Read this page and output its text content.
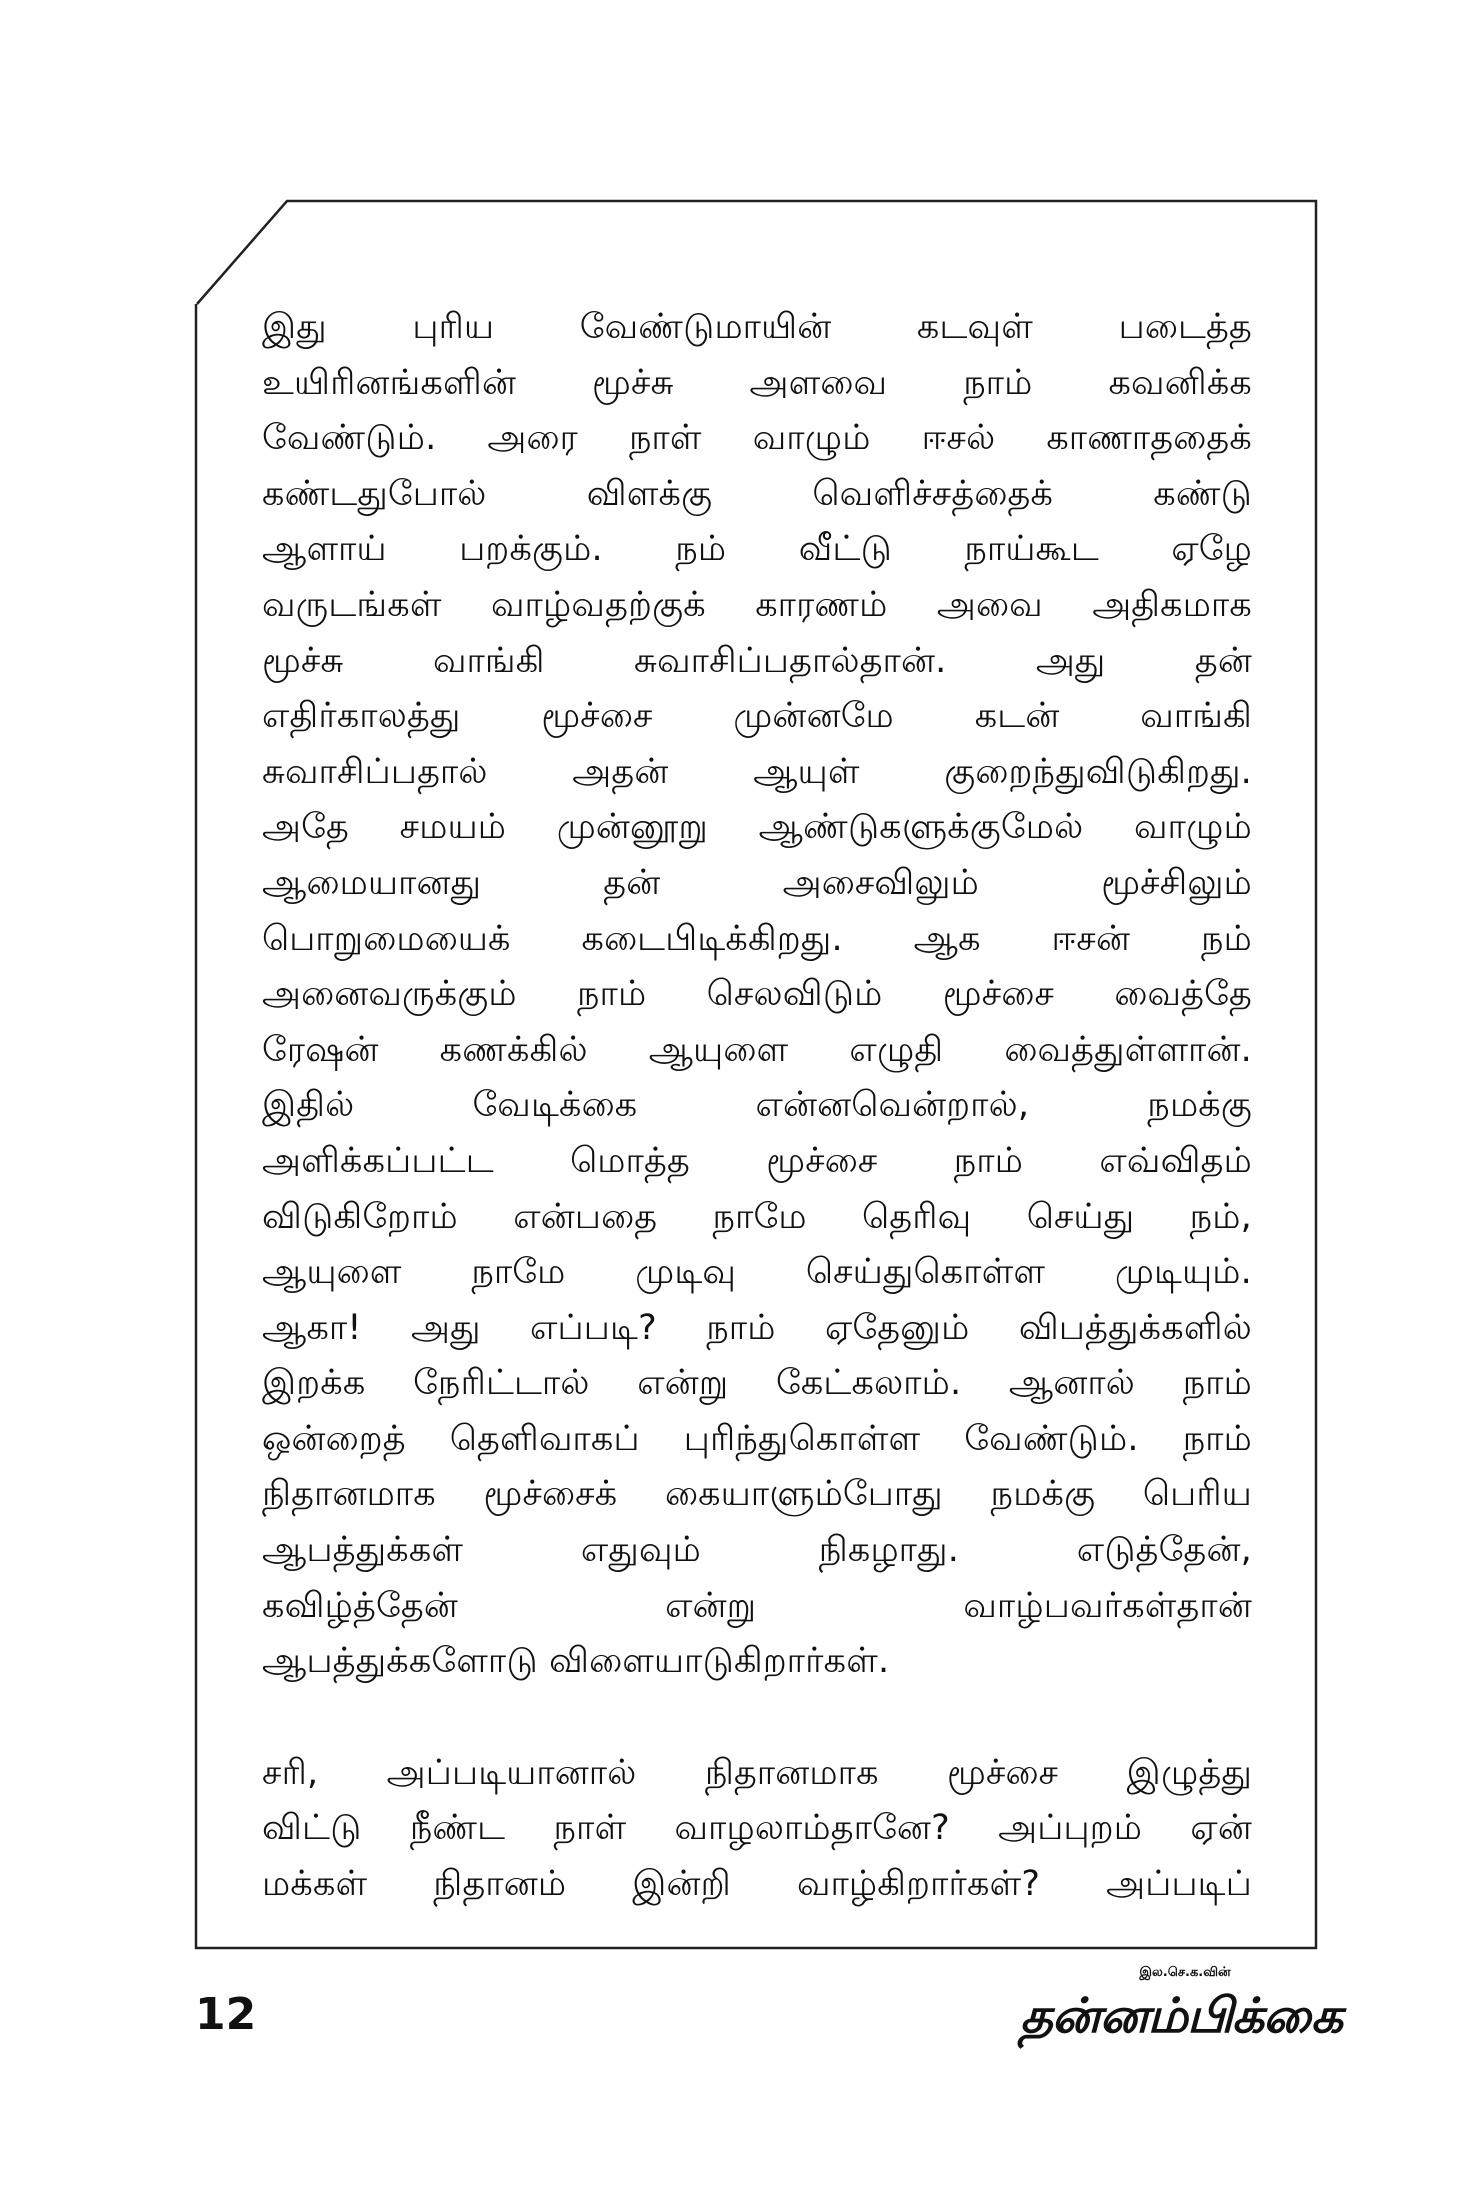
இது புரிய வேண்டுமாயின் கடவுள் படைத்த
உயிரினங்களின் மூச்சு அளவை நாம் கவனிக்க
வேண்டும். அரை நாள் வாழும் ஈசல் காணாததைக்
கண்டதுபோல் விளக்கு வெளிச்சத்தைக் கண்டு
ஆளாய் பறக்கும். நம் வீட்டு நாய்கூட ஏழே
வருடங்கள் வாழ்வதற்குக் காரணம் அவை அதிகமாக
மூச்சு வாங்கி சுவாசிப்பதால்தான். அது தன்
எதிர்காலத்து மூச்சை முன்னமே கடன் வாங்கி
சுவாசிப்பதால் அதன் ஆயுள் குறைந்துவிடுகிறது.
அதே சமயம் முன்னூறு ஆண்டுகளுக்குமேல் வாழும்
ஆமையானது தன் அசைவிலும் மூச்சிலும்
பொறுமையைக் கடைபிடிக்கிறது. ஆக ஈசன் நம்
அனைவருக்கும் நாம் செலவிடும் மூச்சை வைத்தே
ரேஷன் கணக்கில் ஆயுளை எழுதி வைத்துள்ளான்.
இதில் வேடிக்கை என்னவென்றால், நமக்கு
அளிக்கப்பட்ட மொத்த மூச்சை நாம் எவ்விதம்
விடுகிறோம் என்பதை நாமே தெரிவு செய்து நம்,
ஆயுளை நாமே முடிவு செய்துகொள்ள முடியும்.
ஆகா! அது எப்படி? நாம் ஏதேனும் விபத்துக்களில்
இறக்க நேரிட்டால் என்று கேட்கலாம். ஆனால் நாம்
ஒன்றைத் தெளிவாகப் புரிந்துகொள்ள வேண்டும். நாம்
நிதானமாக மூச்சைக் கையாளும்போது நமக்கு பெரிய
ஆபத்துக்கள் எதுவும் நிகழாது. எடுத்தேன்,
கவிழ்த்தேன் என்று வாழ்பவர்கள்தான்
ஆபத்துக்களோடு விளையாடுகிறார்கள்.
சரி, அப்படியானால் நிதானமாக மூச்சை இழுத்து
விட்டு நீண்ட நாள் வாழலாம்தானே? அப்புறம் ஏன்
மக்கள் நிதானம் இன்றி வாழ்கிறார்கள்? அப்படிப்
12
இல.செ.க.வின்
தன்னம்பிக்கை
